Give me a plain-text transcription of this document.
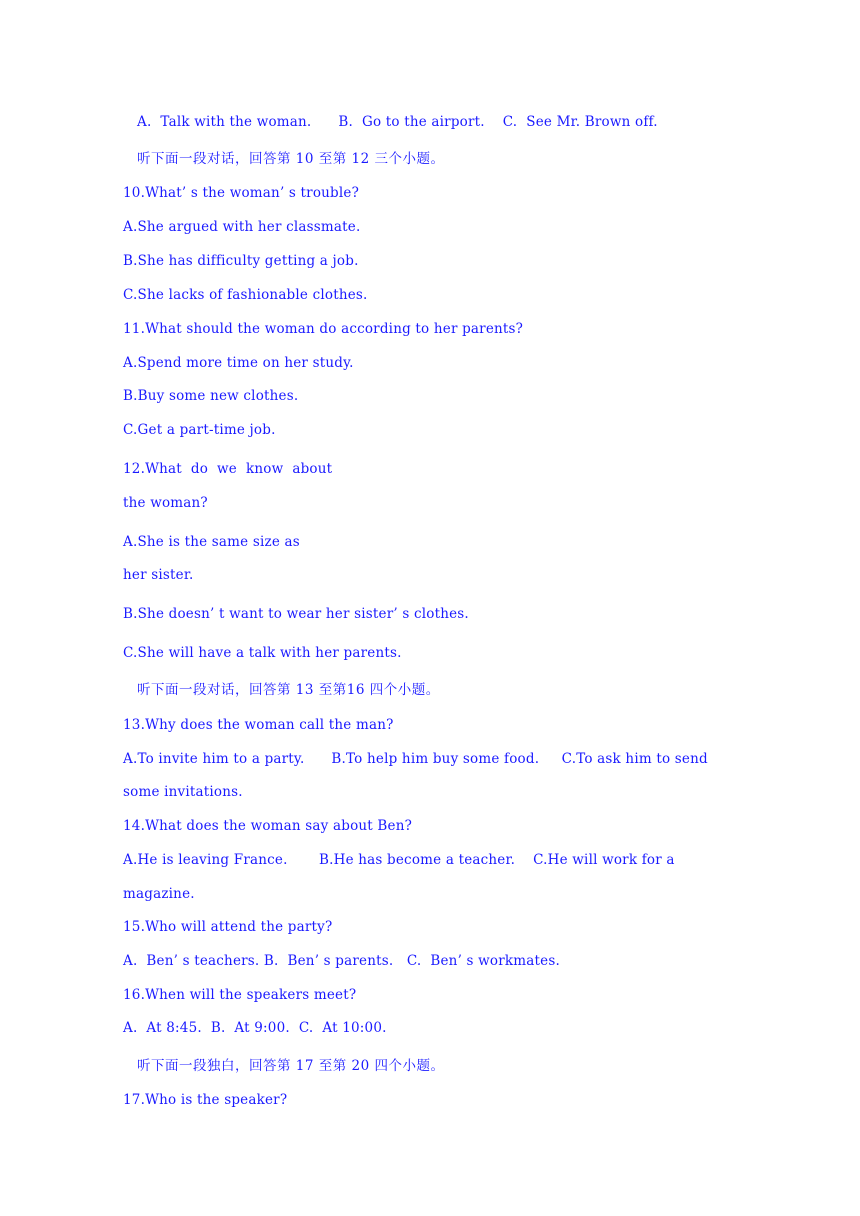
A.  Talk with the woman.      B.  Go to the airport.    C.  See Mr. Brown off.
听下面一段对话，回答第 10 至第 12 三个小题。
10.What’ s the woman’ s trouble?
A.She argued with her classmate.
B.She has difficulty getting a job.
C.She lacks of fashionable clothes.
11.What should the woman do according to her parents?
A.Spend more time on her study.
B.Buy some new clothes.
C.Get a part-time job.
12.What  do  we  know  about
the woman?
A.She is the same size as
her sister.
B.She doesn’ t want to wear her sister’ s clothes.
C.She will have a talk with her parents.
听下面一段对话，回答第 13 至第16 四个小题。
13.Why does the woman call the man?
A.To invite him to a party.      B.To help him buy some food.     C.To ask him to send
some invitations.
14.What does the woman say about Ben?
A.He is leaving France.       B.He has become a teacher.    C.He will work for a
magazine.
15.Who will attend the party?
A.  Ben’ s teachers. B.  Ben’ s parents.   C.  Ben’ s workmates.
16.When will the speakers meet?
A.  At 8:45.  B.  At 9:00.  C.  At 10:00.
听下面一段独白，回答第 17 至第 20 四个小题。
17.Who is the speaker?
